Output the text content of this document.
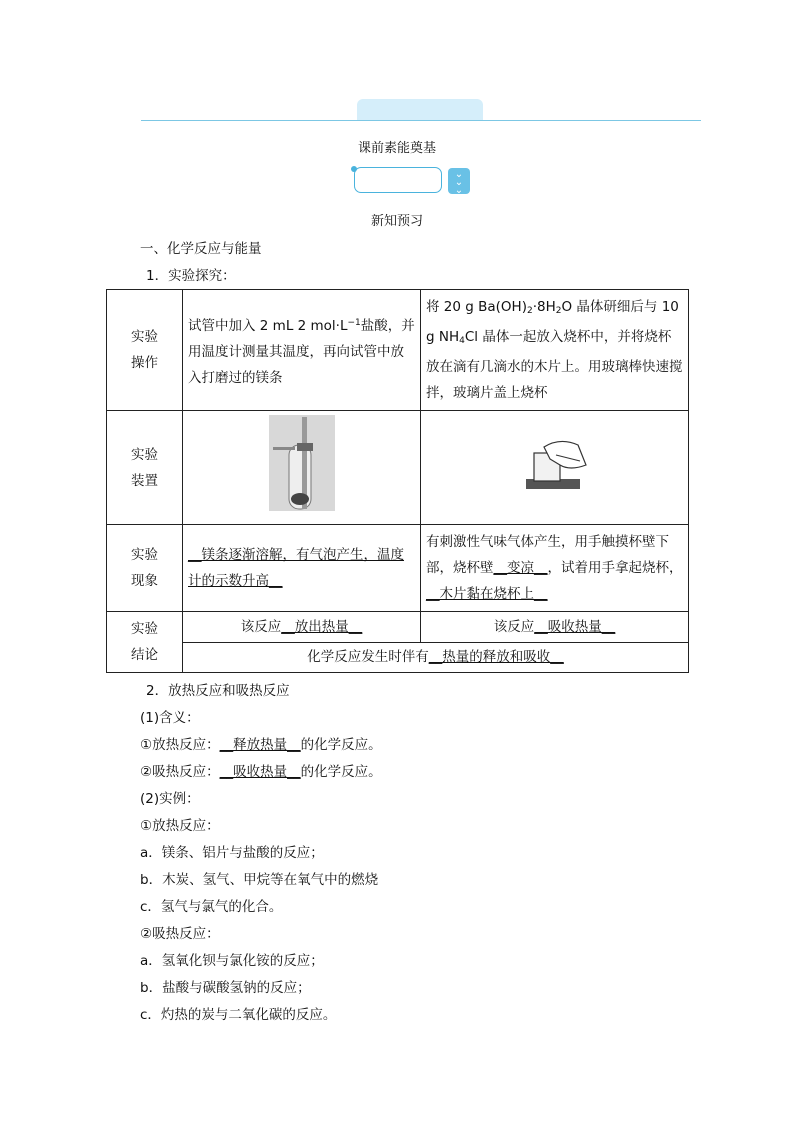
课前素能奠基
⌄
⌄
⌄
新知预习
一、化学反应与能量
1．实验探究：
实验
操作	试管中加入 2 mL 2 $mol\cdot L^{-1}$盐酸，并用温度计测量其温度，再向试管中放入打磨过的镁条	将 20 g $Ba(OH)_2\cdot 8H_2O$ 晶体研细后与 10 g $NH_4Cl$ 晶体一起放入烧杯中，并将烧杯放在滴有几滴水的木片上。用玻璃棒快速搅拌，玻璃片盖上烧杯
实验
装置		
实验
现象	__镁条逐渐溶解，有气泡产生，温度计的示数升高__	有刺激性气味气体产生，用手触摸杯壁下部，烧杯壁__变凉__，试着用手拿起烧杯，__木片黏在烧杯上__
实验
结论	该反应__放出热量__	该反应__吸收热量__
	化学反应发生时伴有__热量的释放和吸收__	
2．放热反应和吸热反应
(1)含义：
①放热反应：__释放热量__的化学反应。
②吸热反应：__吸收热量__的化学反应。
(2)实例：
①放热反应：
a．镁条、铝片与盐酸的反应；
b．木炭、氢气、甲烷等在氧气中的燃烧
c．氢气与氯气的化合。
②吸热反应：
a．氢氧化钡与氯化铵的反应；
b．盐酸与碳酸氢钠的反应；
c．灼热的炭与二氧化碳的反应。
